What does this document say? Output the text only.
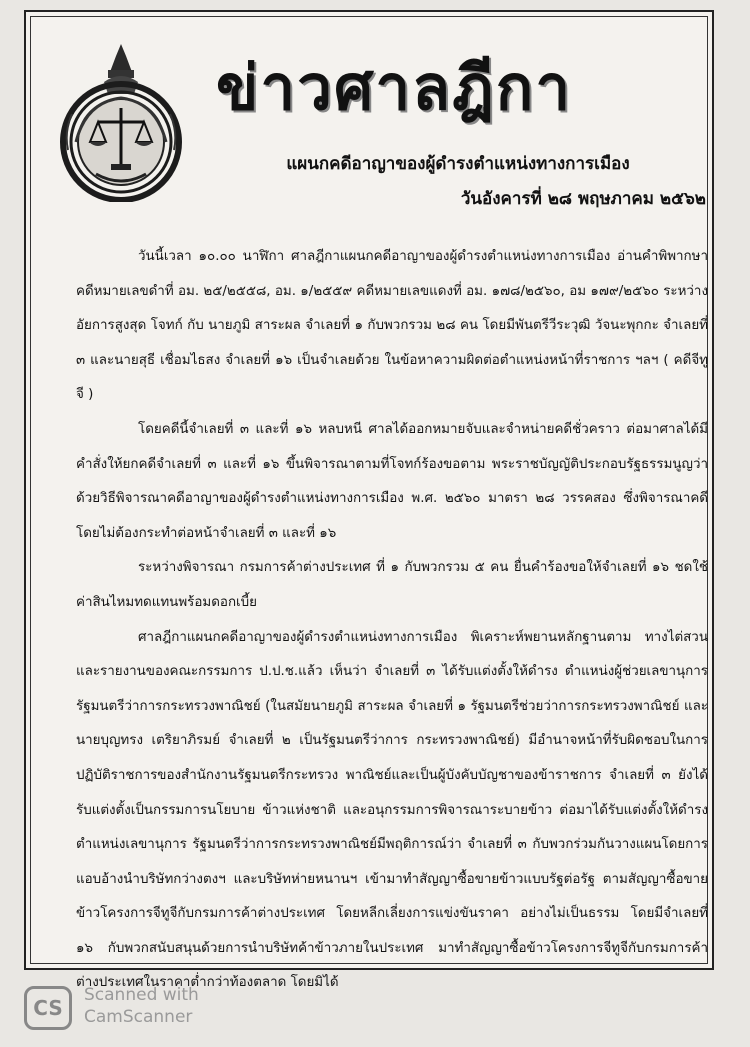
ข่าวศาลฎีกา
แผนกคดีอาญาของผู้ดำรงตำแหน่งทางการเมือง
วันอังคารที่ ๒๘ พฤษภาคม ๒๕๖๒

วันนี้เวลา ๑๐.๐๐ นาฬิกา ศาลฎีกาแผนกคดีอาญาของผู้ดำรงตำแหน่งทางการเมือง อ่านคำพิพากษาคดีหมายเลขดำที่ อม. ๒๕/๒๕๕๘, อม. ๑/๒๕๕๙ คดีหมายเลขแดงที่ อม. ๑๗๘/๒๕๖๐, อม ๑๗๙/๒๕๖๐ ระหว่าง อัยการสูงสุด โจทก์ กับ นายภูมิ สาระผล จำเลยที่ ๑ กับพวกรวม ๒๘ คน โดยมีพันตรีวีระวุฒิ วัจนะพุกกะ จำเลยที่ ๓ และนายสุธี เชื่อมไธสง จำเลยที่ ๑๖ เป็นจำเลยด้วย ในข้อหาความผิดต่อตำแหน่งหน้าที่ราชการ ฯลฯ ( คดีจีทูจี )

โดยคดีนี้จำเลยที่ ๓ และที่ ๑๖ หลบหนี ศาลได้ออกหมายจับและจำหน่ายคดีชั่วคราว ต่อมาศาลได้มีคำสั่งให้ยกคดีจำเลยที่ ๓ และที่ ๑๖ ขึ้นพิจารณาตามที่โจทก์ร้องขอตาม พระราชบัญญัติประกอบรัฐธรรมนูญว่าด้วยวิธีพิจารณาคดีอาญาของผู้ดำรงตำแหน่งทางการเมือง พ.ศ. ๒๕๖๐ มาตรา ๒๘ วรรคสอง ซึ่งพิจารณาคดีโดยไม่ต้องกระทำต่อหน้าจำเลยที่ ๓ และที่ ๑๖

ระหว่างพิจารณา กรมการค้าต่างประเทศ ที่ ๑ กับพวกรวม ๕ คน ยื่นคำร้องขอให้จำเลยที่ ๑๖ ชดใช้ค่าสินไหมทดแทนพร้อมดอกเบี้ย

ศาลฎีกาแผนกคดีอาญาของผู้ดำรงตำแหน่งทางการเมือง พิเคราะห์พยานหลักฐานตาม ทางไต่สวนและรายงานของคณะกรรมการ ป.ป.ช.แล้ว เห็นว่า จำเลยที่ ๓ ได้รับแต่งตั้งให้ดำรง ตำแหน่งผู้ช่วยเลขานุการรัฐมนตรีว่าการกระทรวงพาณิชย์ (ในสมัยนายภูมิ สาระผล จำเลยที่ ๑ รัฐมนตรีช่วยว่าการกระทรวงพาณิชย์ และนายบุญทรง เตริยาภิรมย์ จำเลยที่ ๒ เป็นรัฐมนตรีว่าการ กระทรวงพาณิชย์) มีอำนาจหน้าที่รับผิดชอบในการปฏิบัติราชการของสำนักงานรัฐมนตรีกระทรวง พาณิชย์และเป็นผู้บังคับบัญชาของข้าราชการ จำเลยที่ ๓ ยังได้รับแต่งตั้งเป็นกรรมการนโยบาย ข้าวแห่งชาติ และอนุกรรมการพิจารณาระบายข้าว ต่อมาได้รับแต่งตั้งให้ดำรงตำแหน่งเลขานุการ รัฐมนตรีว่าการกระทรวงพาณิชย์มีพฤติการณ์ว่า จำเลยที่ ๓ กับพวกร่วมกันวางแผนโดยการ แอบอ้างนำบริษัทกว่างตงฯ และบริษัทห่ายหนานฯ เข้ามาทำสัญญาซื้อขายข้าวแบบรัฐต่อรัฐ ตามสัญญาซื้อขายข้าวโครงการจีทูจีกับกรมการค้าต่างประเทศ โดยหลีกเลี่ยงการแข่งขันราคา อย่างไม่เป็นธรรม โดยมีจำเลยที่ ๑๖ กับพวกสนับสนุนด้วยการนำบริษัทค้าข้าวภายในประเทศ มาทำสัญญาซื้อข้าวโครงการจีทูจีกับกรมการค้าต่างประเทศในราคาต่ำกว่าท้องตลาด โดยมิได้

CS
Scanned with
CamScanner
